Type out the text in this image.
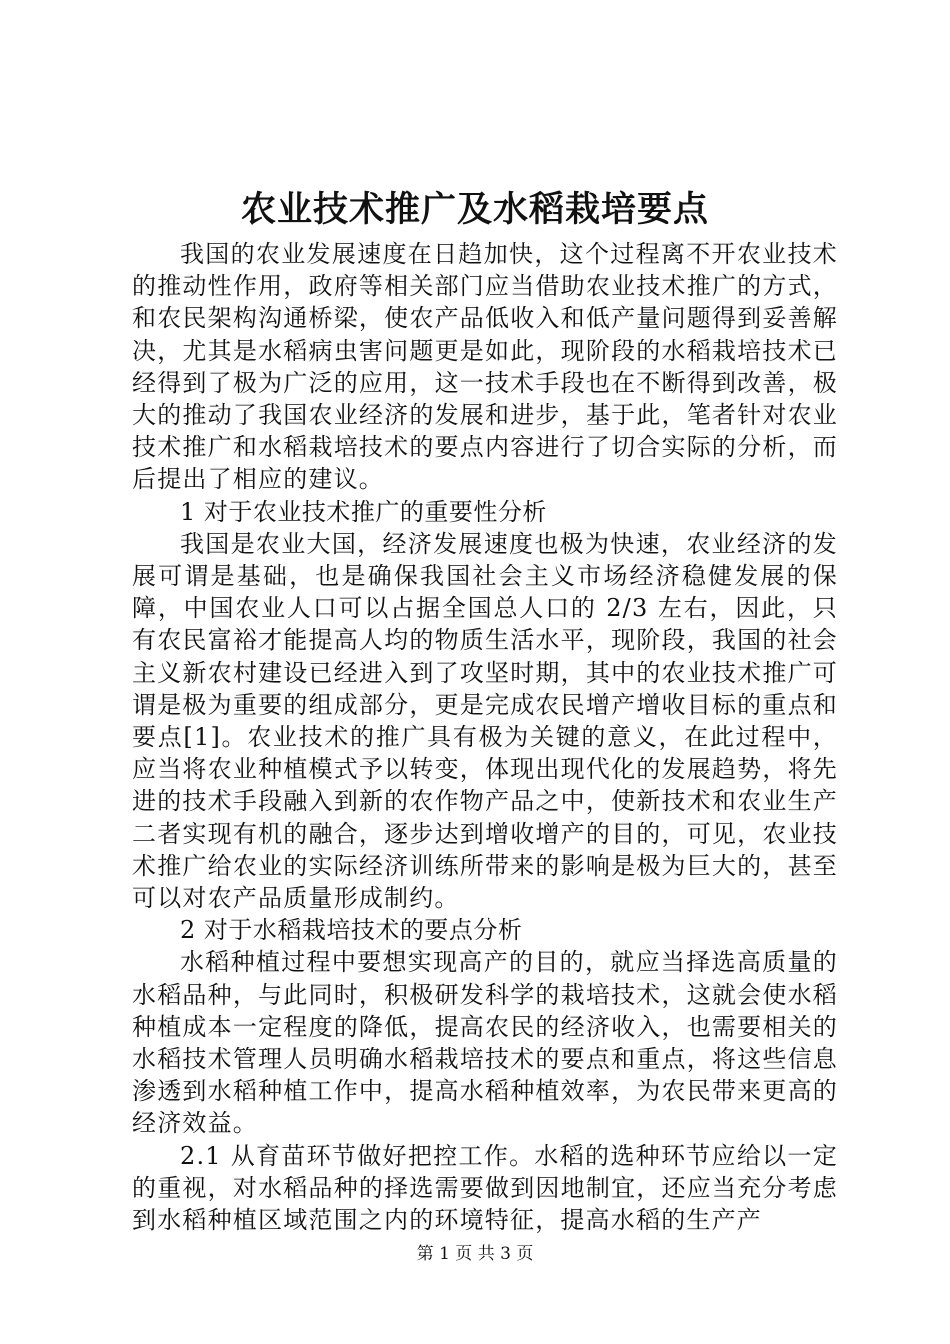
农业技术推广及水稻栽培要点

我国的农业发展速度在日趋加快，这个过程离不开农业技术的推动性作用，政府等相关部门应当借助农业技术推广的方式，和农民架构沟通桥梁，使农产品低收入和低产量问题得到妥善解决，尤其是水稻病虫害问题更是如此，现阶段的水稻栽培技术已经得到了极为广泛的应用，这一技术手段也在不断得到改善，极大的推动了我国农业经济的发展和进步，基于此，笔者针对农业技术推广和水稻栽培技术的要点内容进行了切合实际的分析，而后提出了相应的建议。

1 对于农业技术推广的重要性分析

我国是农业大国，经济发展速度也极为快速，农业经济的发展可谓是基础，也是确保我国社会主义市场经济稳健发展的保障，中国农业人口可以占据全国总人口的 2/3 左右，因此，只有农民富裕才能提高人均的物质生活水平，现阶段，我国的社会主义新农村建设已经进入到了攻坚时期，其中的农业技术推广可谓是极为重要的组成部分，更是完成农民增产增收目标的重点和要点[1]。农业技术的推广具有极为关键的意义，在此过程中，应当将农业种植模式予以转变，体现出现代化的发展趋势，将先进的技术手段融入到新的农作物产品之中，使新技术和农业生产二者实现有机的融合，逐步达到增收增产的目的，可见，农业技术推广给农业的实际经济训练所带来的影响是极为巨大的，甚至可以对农产品质量形成制约。

2 对于水稻栽培技术的要点分析

水稻种植过程中要想实现高产的目的，就应当择选高质量的水稻品种，与此同时，积极研发科学的栽培技术，这就会使水稻种植成本一定程度的降低，提高农民的经济收入，也需要相关的水稻技术管理人员明确水稻栽培技术的要点和重点，将这些信息渗透到水稻种植工作中，提高水稻种植效率，为农民带来更高的经济效益。

2.1 从育苗环节做好把控工作。水稻的选种环节应给以一定的重视，对水稻品种的择选需要做到因地制宜，还应当充分考虑到水稻种植区域范围之内的环境特征，提高水稻的生产产

第 1 页 共 3 页
